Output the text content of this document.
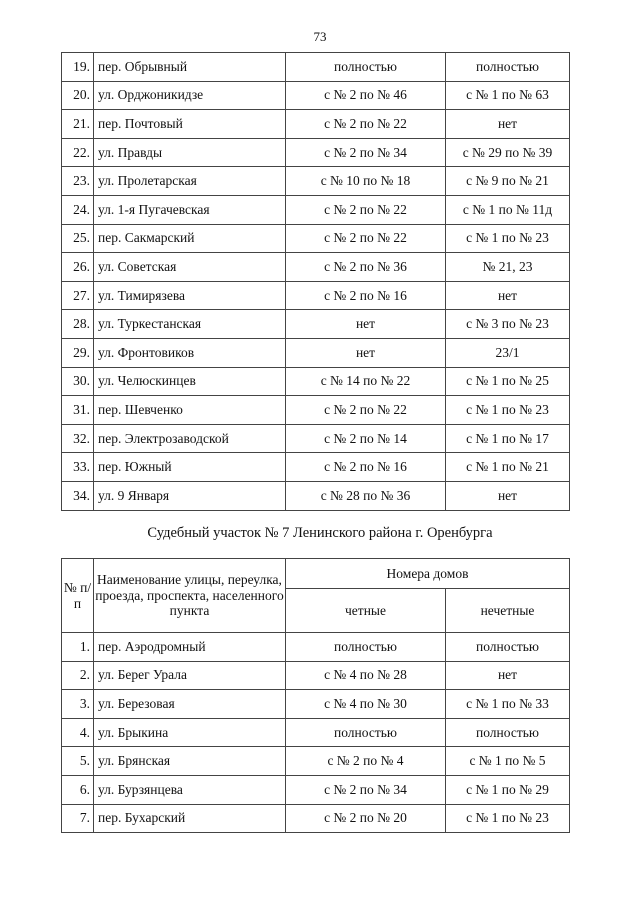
73
19.	пер. Обрывный	полностью	полностью
20.	ул. Орджоникидзе	с № 2 по № 46	с № 1 по № 63
21.	пер. Почтовый	с № 2 по № 22	нет
22.	ул. Правды	с № 2 по № 34	с № 29 по № 39
23.	ул. Пролетарская	с № 10 по № 18	с № 9 по № 21
24.	ул. 1-я Пугачевская	с № 2 по № 22	с № 1 по № 11д
25.	пер. Сакмарский	с № 2 по № 22	с № 1 по № 23
26.	ул. Советская	с № 2 по № 36	№ 21, 23
27.	ул. Тимирязева	с № 2 по № 16	нет
28.	ул. Туркестанская	нет	с № 3 по № 23
29.	ул. Фронтовиков	нет	23/1
30.	ул. Челюскинцев	с № 14 по № 22	с № 1 по № 25
31.	пер. Шевченко	с № 2 по № 22	с № 1 по № 23
32.	пер. Электрозаводской	с № 2 по № 14	с № 1 по № 17
33.	пер. Южный	с № 2 по № 16	с № 1 по № 21
34.	ул. 9 Января	с № 28 по № 36	нет
Судебный участок № 7 Ленинского района г. Оренбурга
№ п/п	Наименование улицы, переулка, проезда, проспекта, населенного пункта	Номера домов	
		четные	нечетные
1.	пер. Аэродромный	полностью	полностью
2.	ул. Берег Урала	с № 4 по № 28	нет
3.	ул. Березовая	с № 4 по № 30	с № 1 по № 33
4.	ул. Брыкина	полностью	полностью
5.	ул. Брянская	с № 2 по № 4	с № 1 по № 5
6.	ул. Бурзянцева	с № 2 по № 34	с № 1 по № 29
7.	пер. Бухарский	с № 2 по № 20	с № 1 по № 23
